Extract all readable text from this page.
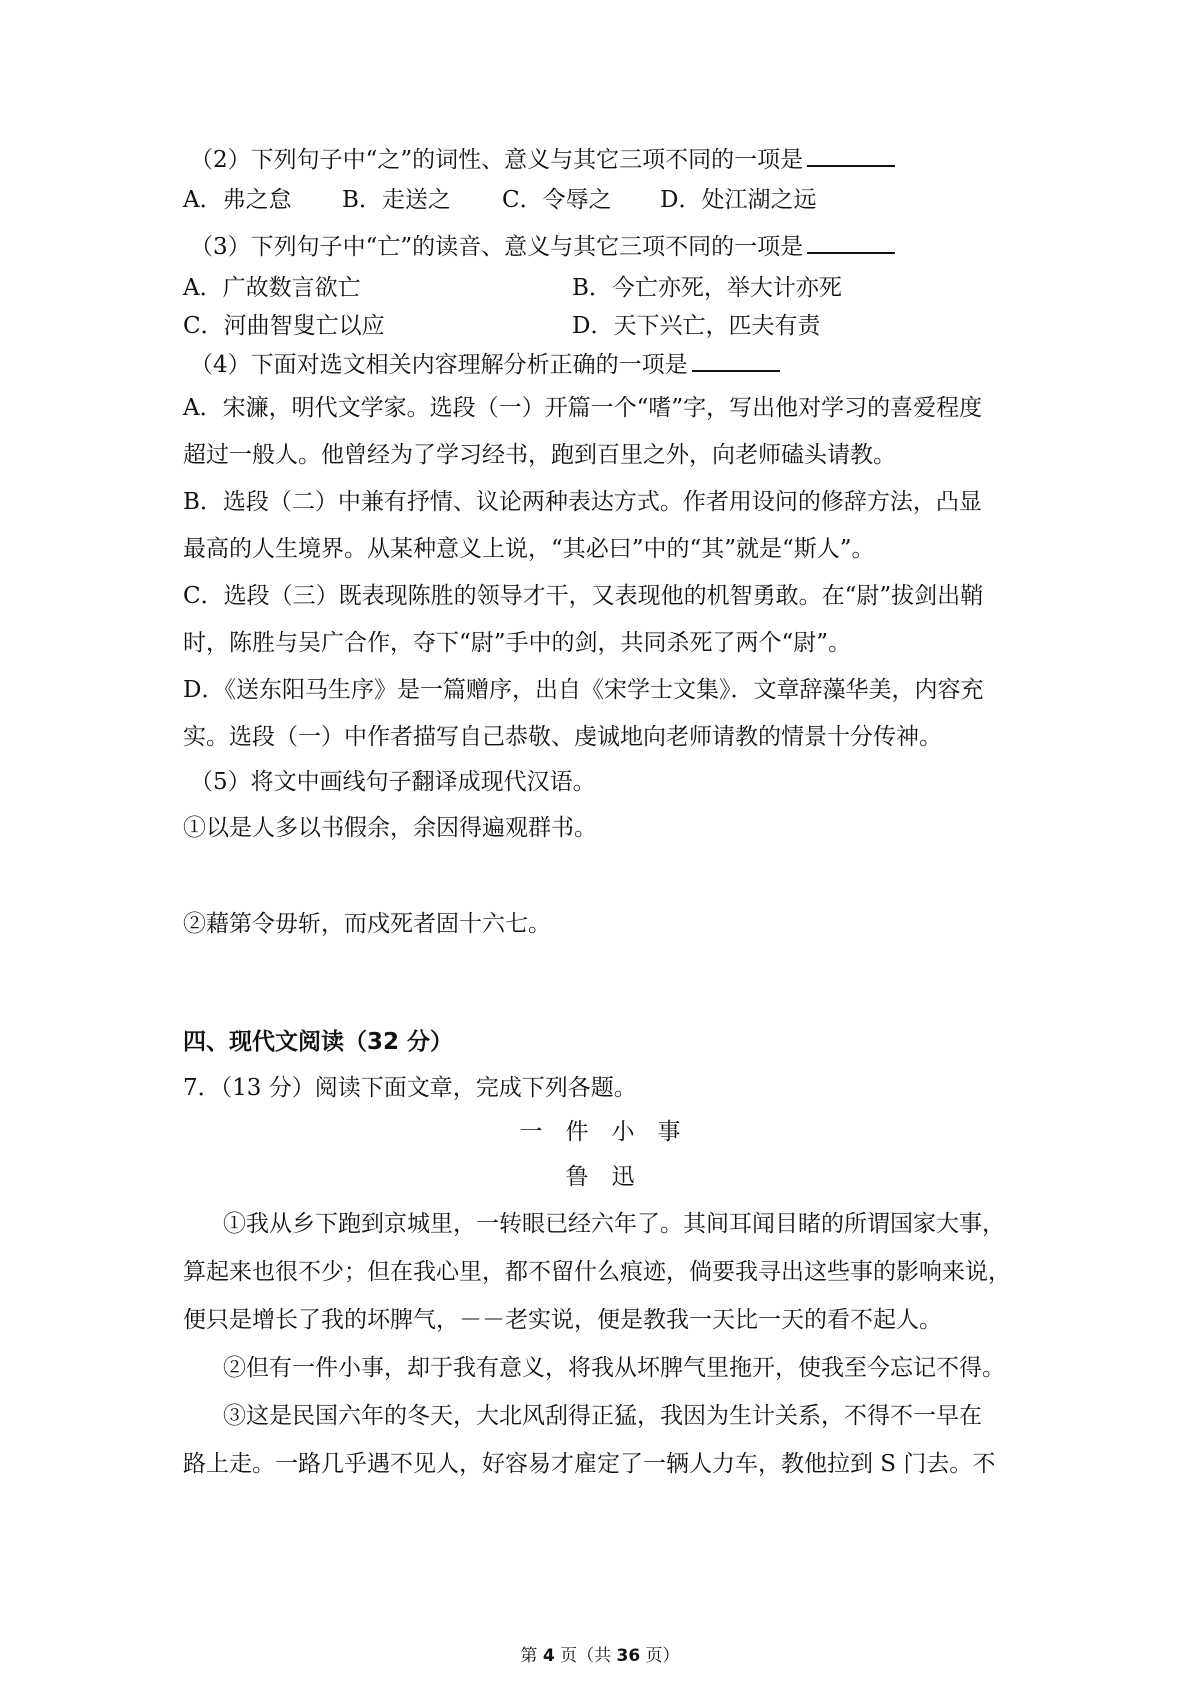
（2）下列句子中“之”的词性、意义与其它三项不同的一项是
A．弗之怠 B．走送之 C．令辱之 D．处江湖之远
（3）下列句子中“亡”的读音、意义与其它三项不同的一项是
A．广故数言欲亡	B．今亡亦死，举大计亦死
C．河曲智叟亡以应	D．天下兴亡，匹夫有责
（4）下面对选文相关内容理解分析正确的一项是
A．宋濂，明代文学家。选段（一）开篇一个“嗜”字，写出他对学习的喜爱程度
超过一般人。他曾经为了学习经书，跑到百里之外，向老师磕头请教。
B．选段（二）中兼有抒情、议论两种表达方式。作者用设问的修辞方法，凸显
最高的人生境界。从某种意义上说，“其必曰”中的“其”就是“斯人”。
C．选段（三）既表现陈胜的领导才干，又表现他的机智勇敢。在“尉”拔剑出鞘
时，陈胜与吴广合作，夺下“尉”手中的剑，共同杀死了两个“尉”。
D．《送东阳马生序》是一篇赠序，出自《宋学士文集》．文章辞藻华美，内容充
实。选段（一）中作者描写自己恭敬、虔诚地向老师请教的情景十分传神。
（5）将文中画线句子翻译成现代汉语。
①以是人多以书假余，余因得遍观群书。
②藉第令毋斩，而戍死者固十六七。
四、现代文阅读（32 分）
7．（13 分）阅读下面文章，完成下列各题。
一　件　小　事
鲁　迅
①我从乡下跑到京城里，一转眼已经六年了。其间耳闻目睹的所谓国家大事，
算起来也很不少；但在我心里，都不留什么痕迹，倘要我寻出这些事的影响来说，
便只是增长了我的坏脾气，－－老实说，便是教我一天比一天的看不起人。
②但有一件小事，却于我有意义，将我从坏脾气里拖开，使我至今忘记不得。
③这是民国六年的冬天，大北风刮得正猛，我因为生计关系，不得不一早在
路上走。一路几乎遇不见人，好容易才雇定了一辆人力车，教他拉到 S 门去。不
第 4 页（共 36 页）
